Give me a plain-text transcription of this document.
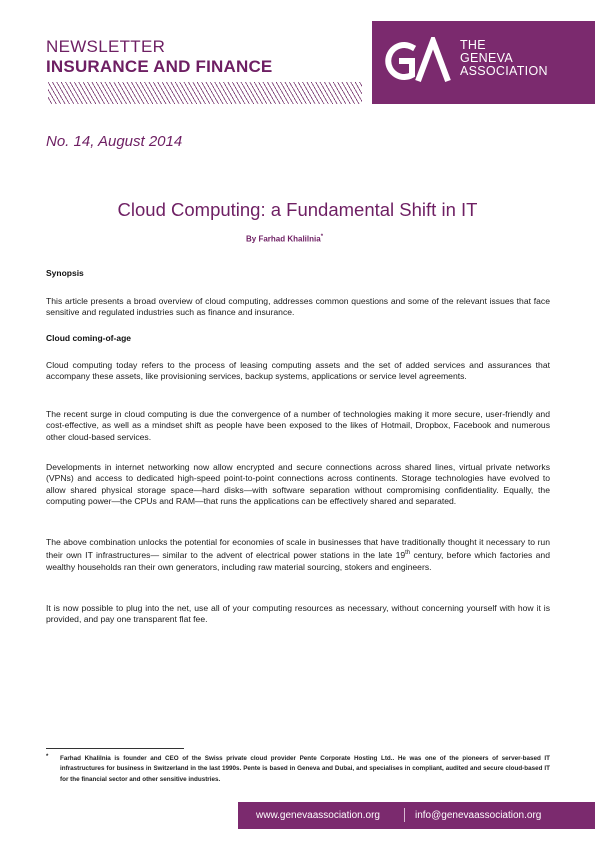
NEWSLETTER
INSURANCE AND FINANCE
THE
GENEVA
ASSOCIATION
No. 14, August 2014
Cloud Computing: a Fundamental Shift in IT
By Farhad Khalilnia*
Synopsis
This article presents a broad overview of cloud computing, addresses common questions and some of the relevant issues that face sensitive and regulated industries such as finance and insurance.
Cloud coming-of-age
Cloud computing today refers to the process of leasing computing assets and the set of added services and assurances that accompany these assets, like provisioning services, backup systems, applications or service level agreements.
The recent surge in cloud computing is due the convergence of a number of technologies making it more secure, user-friendly and cost-effective, as well as a mindset shift as people have been exposed to the likes of Hotmail, Dropbox, Facebook and numerous other cloud-based services.
Developments in internet networking now allow encrypted and secure connections across shared lines, virtual private networks (VPNs) and access to dedicated high-speed point-to-point connections across continents. Storage technologies have evolved to allow shared physical storage space—hard disks—with software separation without compromising confidentiality. Equally, the computing power—the CPUs and RAM—that runs the applications can be effectively shared and separated.
The above combination unlocks the potential for economies of scale in businesses that have traditionally thought it necessary to run their own IT infrastructures— similar to the advent of electrical power stations in the late 19th century, before which factories and wealthy households ran their own generators, including raw material sourcing, stokers and engineers.
It is now possible to plug into the net, use all of your computing resources as necessary, without concerning yourself with how it is provided, and pay one transparent flat fee.
* Farhad Khalilnia is founder and CEO of the Swiss private cloud provider Pente Corporate Hosting Ltd.. He was one of the pioneers of server-based IT infrastructures for business in Switzerland in the last 1990s. Pente is based in Geneva and Dubai, and specialises in compliant, audited and secure cloud-based IT for the financial sector and other sensitive industries.
www.genevaassociation.org	info@genevaassociation.org
